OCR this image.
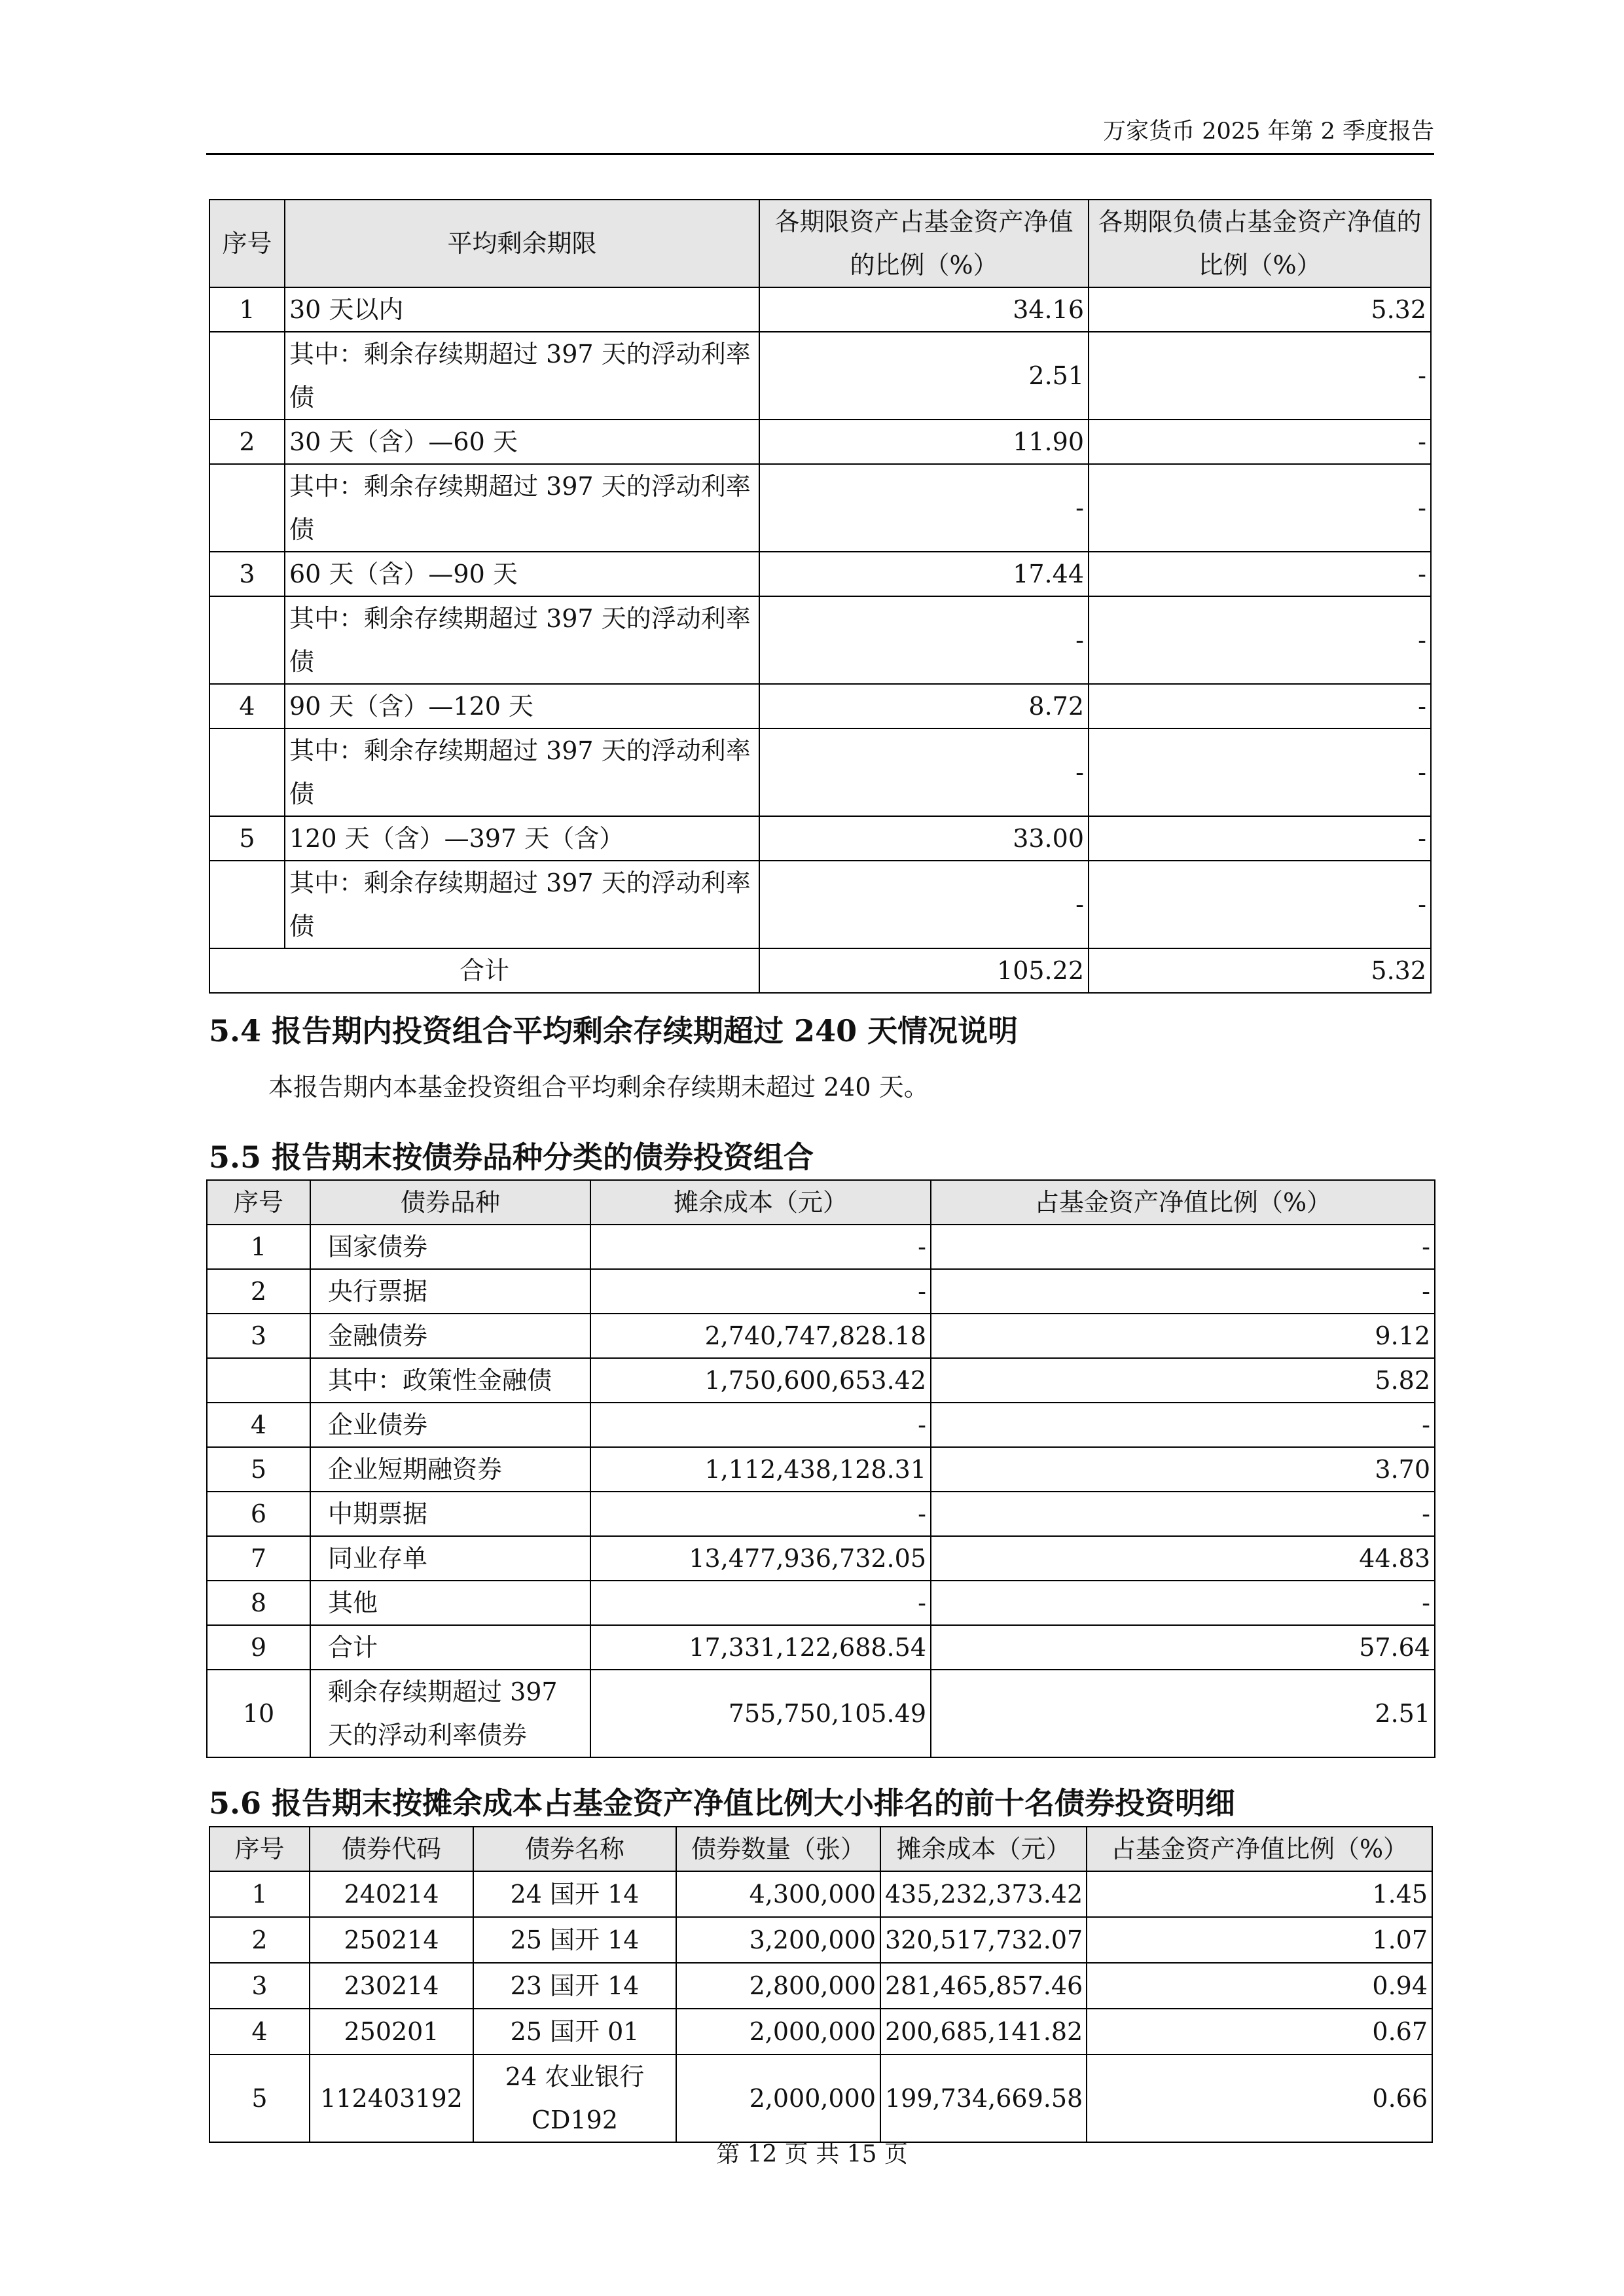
万家货币 2025 年第 2 季度报告
序号	平均剩余期限	各期限资产占基金资产净值的比例（%）	各期限负债占基金资产净值的比例（%）
1	30 天以内	34.16	5.32
	其中：剩余存续期超过 397 天的浮动利率债	2.51	-
2	30 天（含）—60 天	11.90	-
	其中：剩余存续期超过 397 天的浮动利率债	-	-
3	60 天（含）—90 天	17.44	-
	其中：剩余存续期超过 397 天的浮动利率债	-	-
4	90 天（含）—120 天	8.72	-
	其中：剩余存续期超过 397 天的浮动利率债	-	-
5	120 天（含）—397 天（含）	33.00	-
	其中：剩余存续期超过 397 天的浮动利率债	-	-
合计		105.22	5.32
5.4 报告期内投资组合平均剩余存续期超过 240 天情况说明
本报告期内本基金投资组合平均剩余存续期未超过 240 天。
5.5 报告期末按债券品种分类的债券投资组合
序号	债券品种	摊余成本（元）	占基金资产净值比例（%）
1	国家债券	-	-
2	央行票据	-	-
3	金融债券	2,740,747,828.18	9.12
	其中：政策性金融债	1,750,600,653.42	5.82
4	企业债券	-	-
5	企业短期融资券	1,112,438,128.31	3.70
6	中期票据	-	-
7	同业存单	13,477,936,732.05	44.83
8	其他	-	-
9	合计	17,331,122,688.54	57.64
10	剩余存续期超过 397 天的浮动利率债券	755,750,105.49	2.51
5.6 报告期末按摊余成本占基金资产净值比例大小排名的前十名债券投资明细
序号	债券代码	债券名称	债券数量（张）	摊余成本（元）	占基金资产净值比例（%）
1	240214	24 国开 14	4,300,000	435,232,373.42	1.45
2	250214	25 国开 14	3,200,000	320,517,732.07	1.07
3	230214	23 国开 14	2,800,000	281,465,857.46	0.94
4	250201	25 国开 01	2,000,000	200,685,141.82	0.67
5	112403192	24 农业银行 CD192	2,000,000	199,734,669.58	0.66
第 12 页 共 15 页
